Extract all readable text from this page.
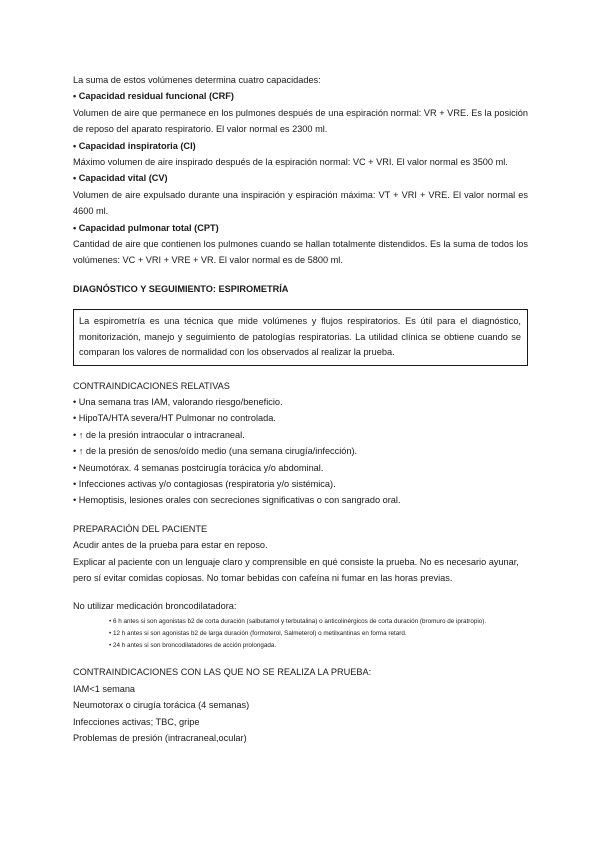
La suma de estos volúmenes determina cuatro capacidades:

• Capacidad residual funcional (CRF)

Volumen de aire que permanece en los pulmones después de una espiración normal: VR + VRE. Es la posición de reposo del aparato respiratorio. El valor normal es 2300 ml.

• Capacidad inspiratoria (CI)

Máximo volumen de aire inspirado después de la espiración normal: VC + VRI. El valor normal es 3500 ml.

• Capacidad vital (CV)

Volumen de aire expulsado durante una inspiración y espiración máxima: VT + VRI + VRE. El valor normal es 4600 ml.

• Capacidad pulmonar total (CPT)

Cantidad de aire que contienen los pulmones cuando se hallan totalmente distendidos. Es la suma de todos los volúmenes: VC + VRI + VRE + VR. El valor normal es de 5800 ml.

DIAGNÓSTICO Y SEGUIMIENTO: ESPIROMETRÍA

La espirometría es una técnica que mide volúmenes y flujos respiratorios. Es útil para el diagnóstico, monitorización, manejo y seguimiento de patologías respiratorias. La utilidad clínica se obtiene cuando se comparan los valores de normalidad con los observados al realizar la prueba.

CONTRAINDICACIONES RELATIVAS

• Una semana tras IAM, valorando riesgo/beneficio.

• HipoTA/HTA severa/HT Pulmonar no controlada.

• ↑ de la presión intraocular o intracraneal.

• ↑ de la presión de senos/oído medio (una semana cirugía/infección).

• Neumotórax. 4 semanas postcirugía torácica y/o abdominal.

• Infecciones activas y/o contagiosas (respiratoria y/o sistémica).

• Hemoptisis, lesiones orales con secreciones significativas o con sangrado oral.

PREPARACIÓN DEL PACIENTE

Acudir antes de la prueba para estar en reposo.

Explicar al paciente con un lenguaje claro y comprensible en qué consiste la prueba. No es necesario ayunar, pero sí evitar comidas copiosas. No tomar bebidas con cafeína ni fumar en las horas previas.

No utilizar medicación broncodilatadora:

• 6 h antes si son agonistas b2 de corta duración (salbutamol y terbutalina) o anticolinérgicos de corta duración (bromuro de ipratropio).

• 12 h antes si son agonistas b2 de larga duración (formoterol, Salmeterol) o metilxantinas en forma retard.

• 24 h antes si son broncodilatadores de acción prolongada.

CONTRAINDICACIONES CON LAS QUE NO SE REALIZA LA PRUEBA:

IAM<1 semana

Neumotorax o cirugía torácica (4 semanas)

Infecciones activas; TBC, gripe

Problemas de presión (intracraneal,ocular)
